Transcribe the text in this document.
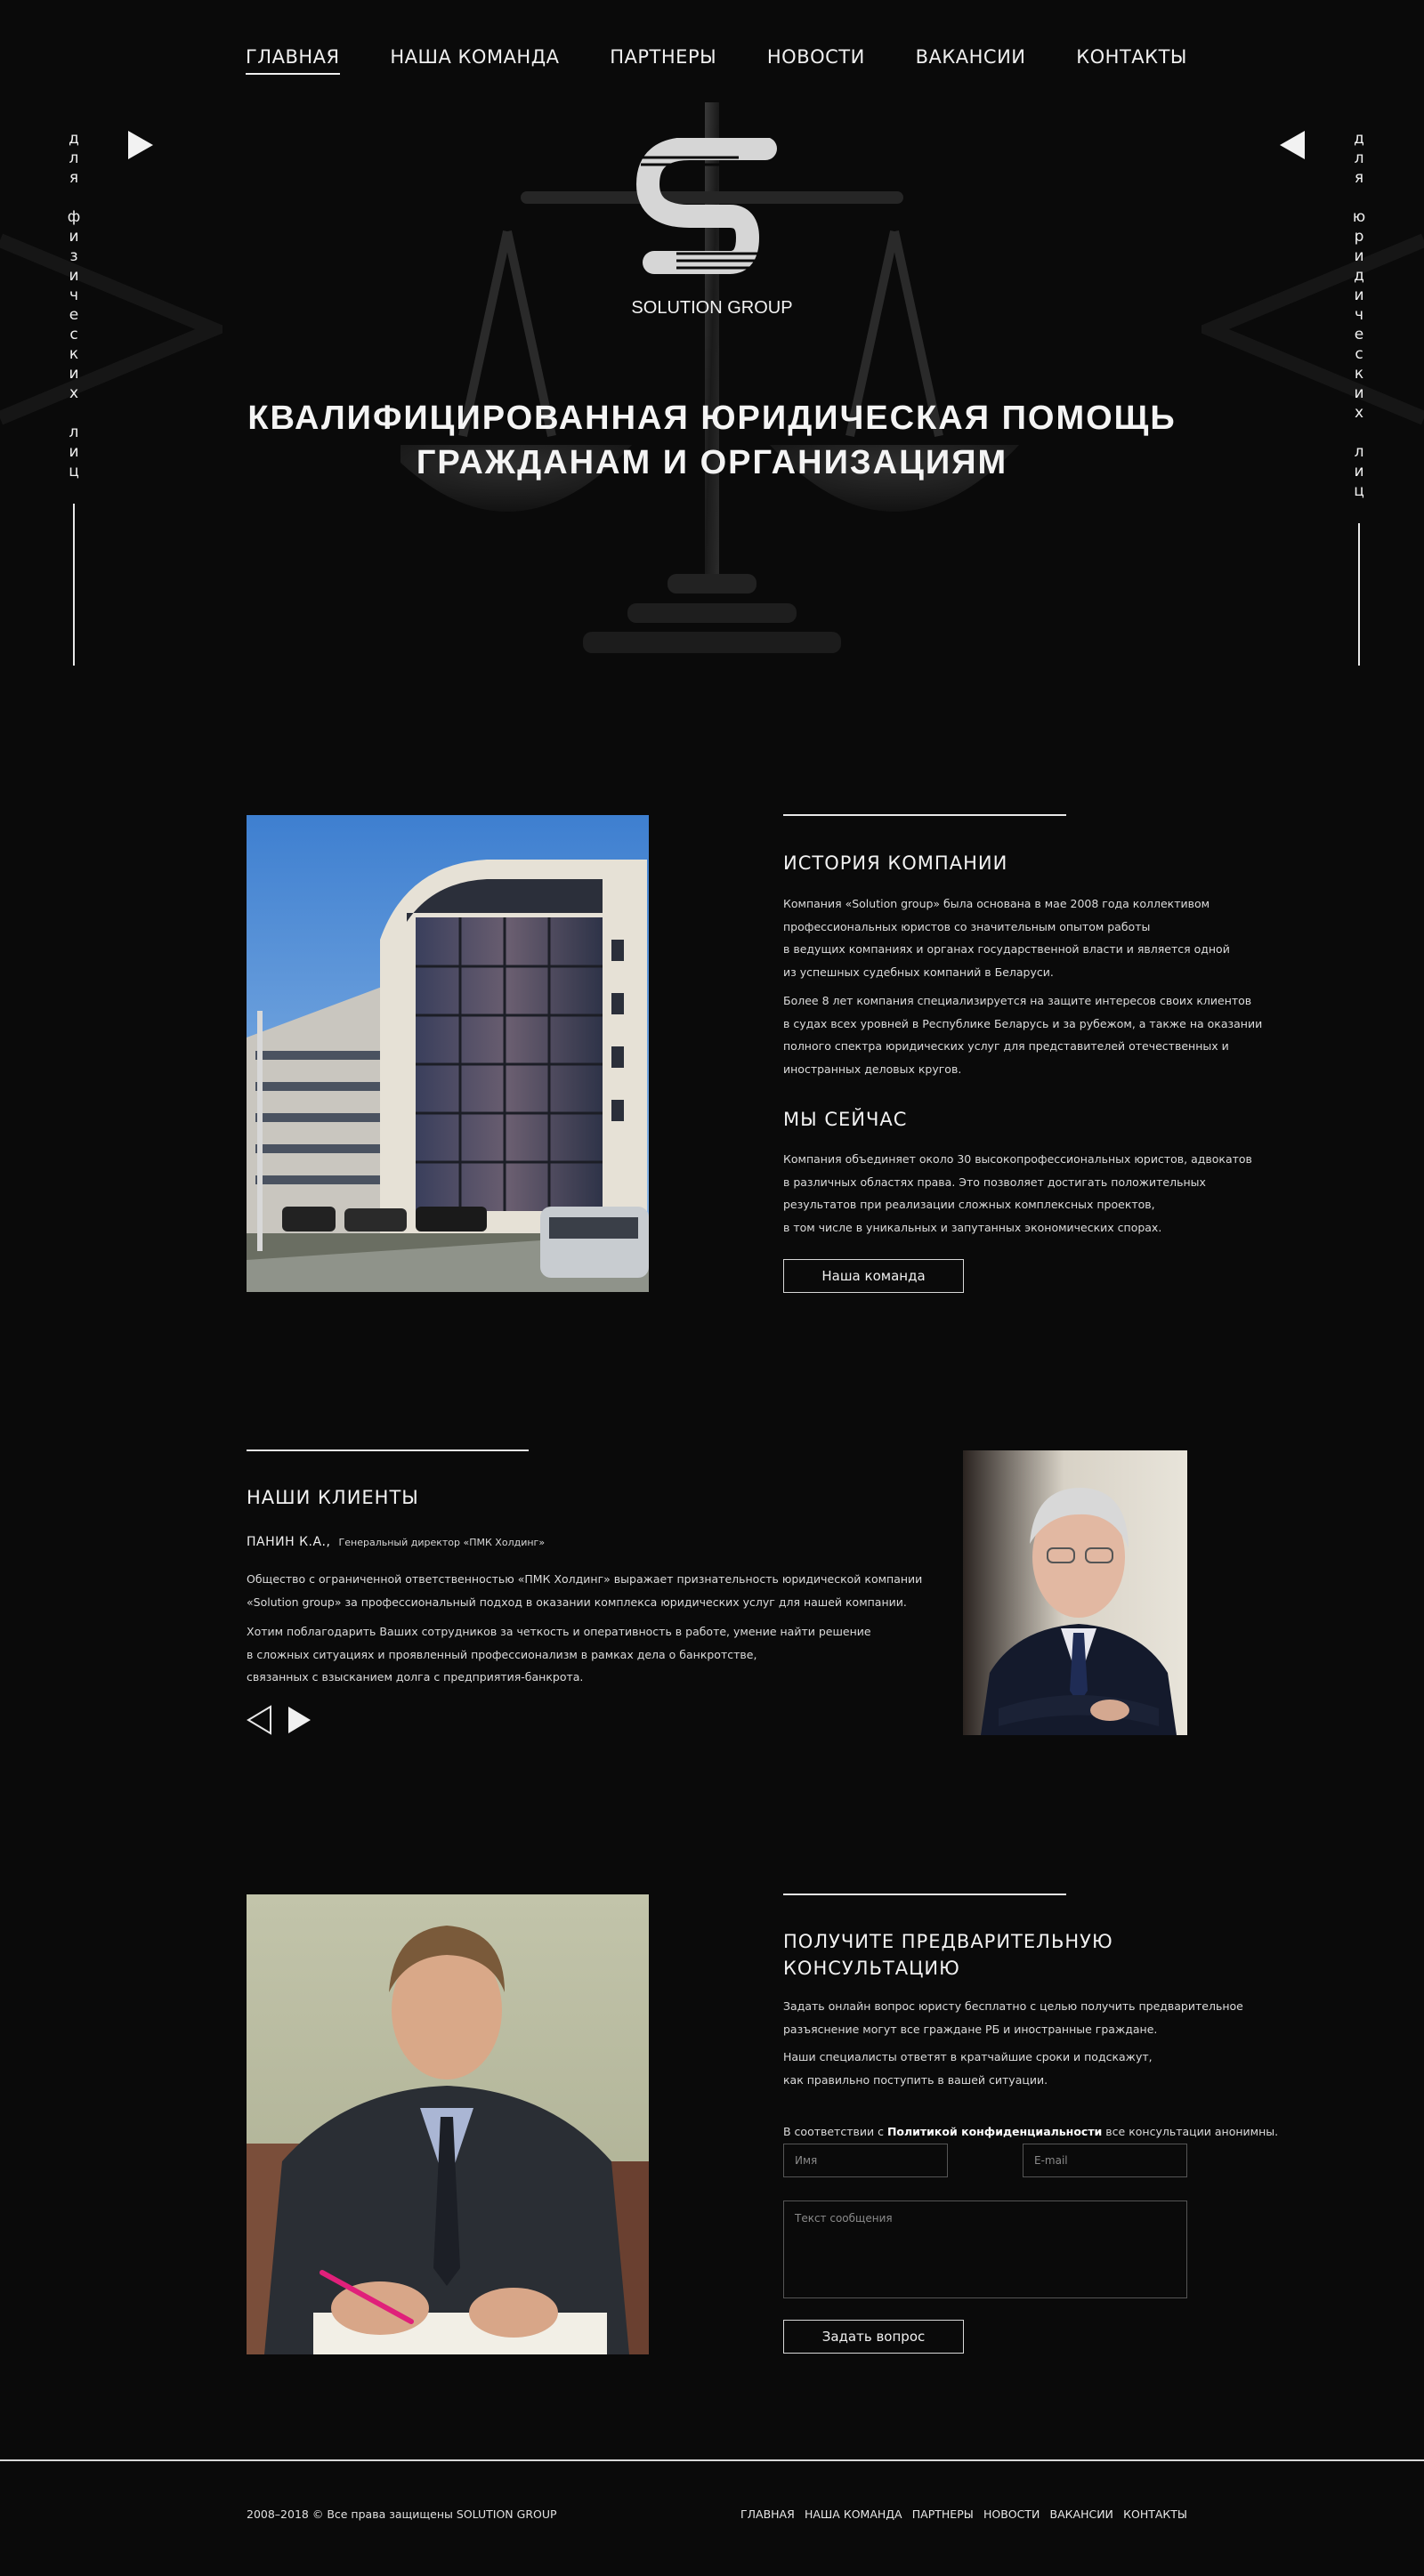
ГЛАВНАЯ	НАША КОМАНДА	ПАРТНЕРЫ	НОВОСТИ	ВАКАНСИИ	КОНТАКТЫ
д
л
я

ф
и
з
и
ч
е
с
к
и
х

л
и
ц
д
л
я

ю
р
и
д
и
ч
е
с
к
и
х

л
и
ц
SOLUTION GROUP
КВАЛИФИЦИРОВАННАЯ ЮРИДИЧЕСКАЯ ПОМОЩЬ
ГРАЖДАНАМ И ОРГАНИЗАЦИЯМ
ИСТОРИЯ КОМПАНИИ
Компания «Solution group» была основана в мае 2008 года коллективом
профессиональных юристов со значительным опытом работы
в ведущих компаниях и органах государственной власти и является одной
из успешных судебных компаний в Беларуси.
Более 8 лет компания специализируется на защите интересов своих клиентов
в судах всех уровней в Республике Беларусь и за рубежом, а также на оказании
полного спектра юридических услуг для представителей отечественных и
иностранных деловых кругов.
МЫ СЕЙЧАС
Компания объединяет около 30 высокопрофессиональных юристов, адвокатов
в различных областях права. Это позволяет достигать положительных
результатов при реализации сложных комплексных проектов,
в том числе в уникальных и запутанных экономических спорах.
Наша команда
НАШИ КЛИЕНТЫ
ПАНИН К.А., Генеральный директор «ПМК Холдинг»
Общество с ограниченной ответственностью «ПМК Холдинг» выражает признательность юридической компании
«Solution group» за профессиональный подход в оказании комплекса юридических услуг для нашей компании.
Хотим поблагодарить Ваших сотрудников за четкость и оперативность в работе, умение найти решение
в сложных ситуациях и проявленный профессионализм в рамках дела о банкротстве,
связанных с взысканием долга с предприятия-банкрота.
ПОЛУЧИТЕ ПРЕДВАРИТЕЛЬНУЮ
КОНСУЛЬТАЦИЮ
Задать онлайн вопрос юристу бесплатно с целью получить предварительное
разъяснение могут все граждане РБ и иностранные граждане.
Наши специалисты ответят в кратчайшие сроки и подскажут,
как правильно поступить в вашей ситуации.

В соответствии с Политикой конфиденциальности все консультации анонимны.

Имя
E-mail
Текст сообщения
Задать вопрос
2008–2018 © Все права защищены SOLUTION GROUP	ГЛАВНАЯ НАША КОМАНДА ПАРТНЕРЫ НОВОСТИ ВАКАНСИИ КОНТАКТЫ
